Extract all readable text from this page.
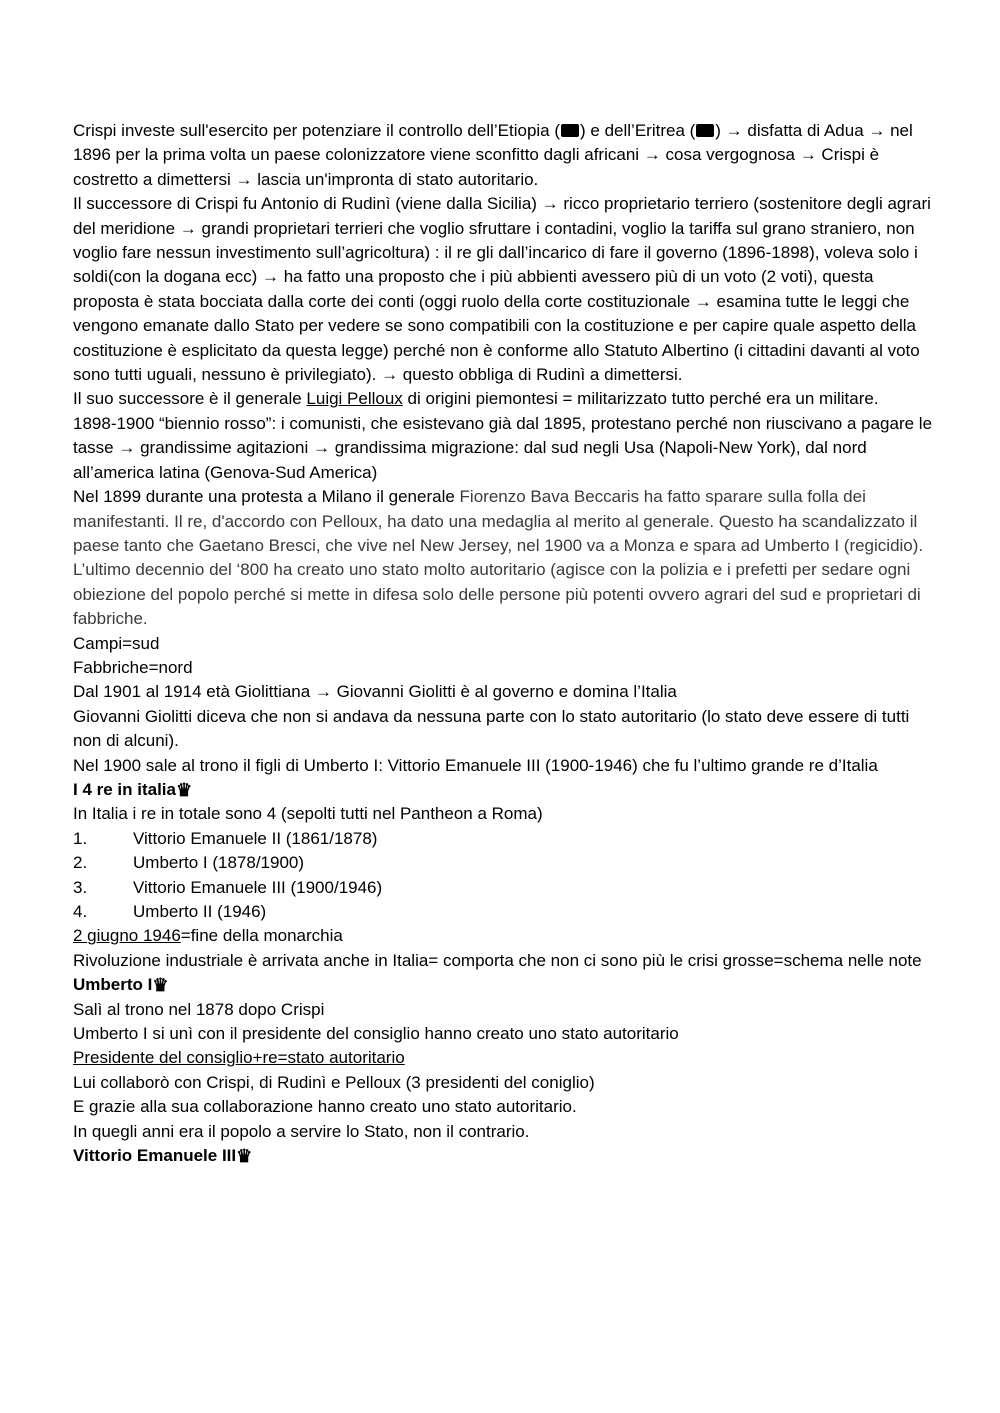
Crispi investe sull'esercito per potenziare il controllo dell’Etiopia ( ) e dell’Eritrea ( ) → disfatta di Adua → nel 1896 per la prima volta un paese colonizzatore viene sconfitto dagli africani → cosa vergognosa → Crispi è costretto a dimettersi → lascia un'impronta di stato autoritario.

Il successore di Crispi fu Antonio di Rudinì (viene dalla Sicilia) → ricco proprietario terriero (sostenitore degli agrari del meridione → grandi proprietari terrieri che voglio sfruttare i contadini, voglio la tariffa sul grano straniero, non voglio fare nessun investimento sull’agricoltura) : il re gli dall’incarico di fare il governo (1896-1898), voleva solo i soldi(con la dogana ecc) → ha fatto una proposto che i più abbienti avessero più di un voto (2 voti), questa proposta è stata bocciata dalla corte dei conti (oggi ruolo della corte costituzionale → esamina tutte le leggi che vengono emanate dallo Stato per vedere se sono compatibili con la costituzione e per capire quale aspetto della costituzione è esplicitato da questa legge) perché non è conforme allo Statuto Albertino (i cittadini davanti al voto sono tutti uguali, nessuno è privilegiato). → questo obbliga di Rudinì a dimettersi.

Il suo successore è il generale Luigi Pelloux di origini piemontesi = militarizzato tutto perché era un militare.

1898-1900 “biennio rosso”: i comunisti, che esistevano già dal 1895, protestano perché non riuscivano a pagare le tasse → grandissime agitazioni → grandissima migrazione: dal sud negli Usa (Napoli-New York), dal nord all’america latina (Genova-Sud America)

Nel 1899 durante una protesta a Milano il generale Fiorenzo Bava Beccaris ha fatto sparare sulla folla dei manifestanti. Il re, d'accordo con Pelloux, ha dato una medaglia al merito al generale. Questo ha scandalizzato il paese tanto che Gaetano Bresci, che vive nel New Jersey, nel 1900 va a Monza e spara ad Umberto I (regicidio).

L’ultimo decennio del ‘800 ha creato uno stato molto autoritario (agisce con la polizia e i prefetti per sedare ogni obiezione del popolo perché si mette in difesa solo delle persone più potenti ovvero agrari del sud e proprietari di fabbriche.

Campi=sud

Fabbriche=nord

Dal 1901 al 1914 età Giolittiana → Giovanni Giolitti è al governo e domina l’Italia

Giovanni Giolitti diceva che non si andava da nessuna parte con lo stato autoritario (lo stato deve essere di tutti non di alcuni).

Nel 1900 sale al trono il figli di Umberto I: Vittorio Emanuele III (1900-1946) che fu l’ultimo grande re d’Italia

I 4 re in italia♛

In Italia i re in totale sono 4 (sepolti tutti nel Pantheon a Roma)

1.	Vittorio Emanuele II (1861/1878)
2.	Umberto I (1878/1900)
3.	Vittorio Emanuele III (1900/1946)
4.	Umberto II (1946)

2 giugno 1946=fine della monarchia

Rivoluzione industriale è arrivata anche in Italia= comporta che non ci sono più le crisi grosse=schema nelle note

Umberto I♛

Salì al trono nel 1878 dopo Crispi

Umberto I si unì con il presidente del consiglio hanno creato uno stato autoritario

Presidente del consiglio+re=stato autoritario

Lui collaborò con Crispi, di Rudinì e Pelloux (3 presidenti del coniglio)

E grazie alla sua collaborazione hanno creato uno stato autoritario.

In quegli anni era il popolo a servire lo Stato, non il contrario.

Vittorio Emanuele III♛
